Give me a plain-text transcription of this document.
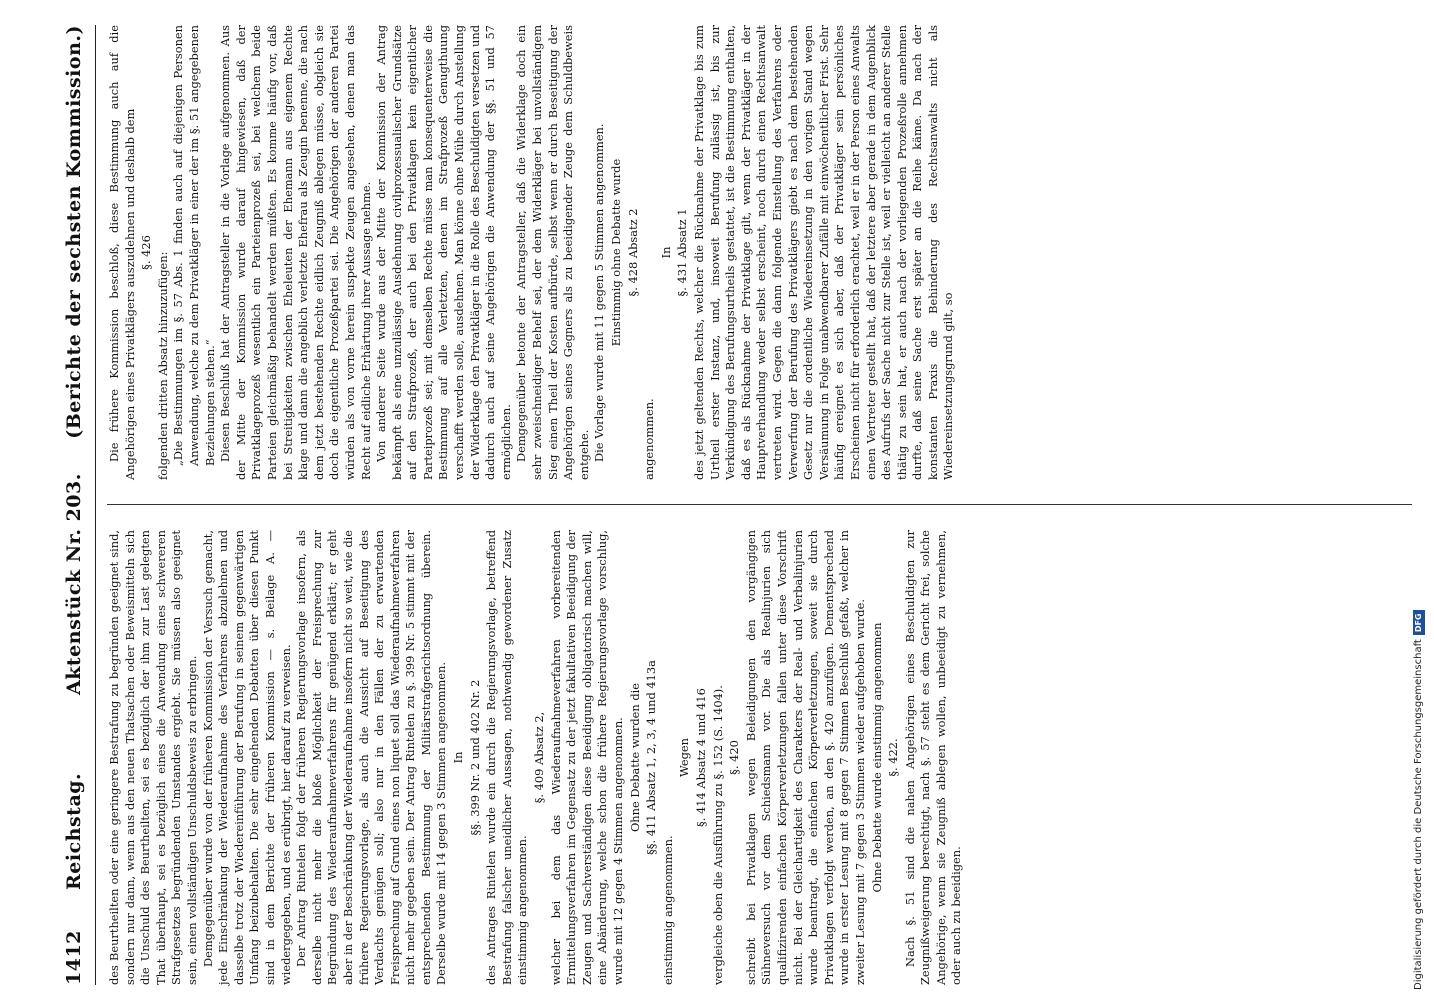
1412
Reichstag.
Aktenstück Nr. 203.
(Berichte der sechsten Kommission.)

des Beurtheilten oder eine geringere Bestrafung zu begründen geeignet sind, sondern nur dann, wenn aus den neuen Thatsachen oder Beweismitteln sich die Unschuld des Beurtheilten, sei es bezüglich der ihm zur Last gelegten That überhaupt, sei es bezüglich eines die Anwendung eines schwereren Strafgesetzes begründenden Umstandes ergiebt. Sie müssen also geeignet sein, einen vollständigen Unschuldsbeweis zu erbringen. Demgegenüber wurde von der früheren Kommission der Versuch gemacht, jede Einschränkung der Wiederaufnahme des Verfahrens abzulehnen und dasselbe trotz der Wiedereinführung der Berufung in seinem gegenwärtigen Umfang beizubehalten. Die sehr eingehenden Debatten über diesen Punkt sind in dem Berichte der früheren Kommission — s. Beilage A. — wiedergegeben, und es erübrigt, hier darauf zu verweisen. Der Antrag Rintelen folgt der früheren Regierungsvorlage insofern, als derselbe nicht mehr die bloße Möglichkeit der Freisprechung zur Begründung des Wiederaufnahmeverfahrens für genügend erklärt; er geht aber in der Beschränkung der Wiederaufnahme insofern nicht so weit, wie die frühere Regierungsvorlage, als auch die Aussicht auf Beseitigung des Verdachts genügen soll; also nur in den Fällen der zu erwartenden Freisprechung auf Grund eines non liquet soll das Wiederaufnahmeverfahren nicht mehr gegeben sein. Der Antrag Rintelen zu §. 399 Nr. 5 stimmt mit der entsprechenden Bestimmung der Militärstrafgerichtsordnung überein. Derselbe wurde mit 14 gegen 3 Stimmen angenommen. In §§. 399 Nr. 2 und 402 Nr. 2 des Antrages Rintelen wurde ein durch die Regierungsvorlage, betreffend Bestrafung falscher uneidlicher Aussagen, nothwendig gewordener Zusatz einstimmig angenommen.

§. 409 Absatz 2, welcher bei dem das Wiederaufnahmeverfahren vorbereitenden Ermittelungsverfahren im Gegensatz zu der jetzt fakultativen Beeidigung der Zeugen und Sachverständigen diese Beeidigung obligatorisch machen will, eine Abänderung, welche schon die frühere Regierungsvorlage vorschlug, wurde mit 12 gegen 4 Stimmen angenommen. Ohne Debatte wurden die §§. 411 Absatz 1, 2, 3, 4 und 413a

einstimmig angenommen.

Wegen §. 414 Absatz 4 und 416 vergleiche oben die Ausführung zu §. 152 (S. 1404). §. 420 schreibt bei Privatklagen wegen Beleidigungen den vorgängigen Sühneversuch vor dem Schiedsmann vor. Die als Realinjurien sich qualifizirenden einfachen Körperverletzungen fallen unter diese Vorschrift nicht. Bei der Gleichartigkeit des Charakters der Real- und Verbalinjurien wurde beantragt, die einfachen Körperverletzungen, soweit sie durch Privatklagen verfolgt werden, an den §. 420 anzufügen. Dementsprechend wurde in erster Lesung mit 8 gegen 7 Stimmen Beschluß gefaßt, welcher in zweiter Lesung mit 7 gegen 3 Stimmen wieder aufgehoben wurde. Ohne Debatte wurde einstimmig angenommen §. 422. Nach §. 51 sind die nahen Angehörigen eines Beschuldigten zur Zeugnißweigerung berechtigt, nach §. 57 steht es dem Gericht frei, solche Angehörige, wenn sie Zeugniß ablegen wollen, unbeeidigt zu vernehmen, oder auch zu beeidigen.

Die frühere Kommission beschloß, diese Bestimmung auch auf die Angehörigen eines Privatklägers auszudehnen und deshalb dem §. 426 folgenden dritten Absatz hinzuzufügen: „Die Bestimmungen im §. 57 Abs. 1 finden auch auf diejenigen Personen Anwendung, welche zu dem Privatkläger in einer der im §. 51 angegebenen Beziehungen stehen.“ Diesen Beschluß hat der Antragsteller in die Vorlage aufgenommen. Aus der Mitte der Kommission wurde darauf hingewiesen, daß der Privatklageprozeß wesentlich ein Parteienprozeß sei, bei welchem beide Parteien gleichmäßig behandelt werden müßten. Es komme häufig vor, daß bei Streitigkeiten zwischen Eheleuten der Ehemann aus eigenem Rechte klage und dann die angeblich verletzte Ehefrau als Zeugin benenne, die nach dem jetzt bestehenden Rechte eidlich Zeugniß ablegen müsse, obgleich sie doch die eigentliche Prozeßpartei sei. Die Angehörigen der anderen Partei würden als von vorne herein suspekte Zeugen angesehen, denen man das Recht auf eidliche Erhärtung ihrer Aussage nehme. Von anderer Seite wurde aus der Mitte der Kommission der Antrag bekämpft als eine unzulässige Ausdehnung civilprozessualischer Grundsätze auf den Strafprozeß, der auch bei den Privatklagen kein eigentlicher Parteiprozeß sei; mit demselben Rechte müsse man konsequenterweise die Bestimmung auf alle Verletzten, denen im Strafprozeß Genugthuung verschafft werden solle, ausdehnen. Man könne ohne Mühe durch Anstellung der Widerklage den Privatkläger in die Rolle des Beschuldigten versetzen und dadurch auch auf seine Angehörigen die Anwendung der §§. 51 und 57 ermöglichen. Demgegenüber betonte der Antragsteller, daß die Widerklage doch ein sehr zweischneidiger Behelf sei, der dem Widerkläger bei unvollständigem Sieg einen Theil der Kosten aufbürde, selbst wenn er durch Beseitigung der Angehörigen seines Gegners als zu beeidigender Zeuge dem Schuldbeweis entgehe. Die Vorlage wurde mit 11 gegen 5 Stimmen angenommen. Einstimmig ohne Debatte wurde §. 428 Absatz 2

angenommen.

In §. 431 Absatz 1 des jetzt geltenden Rechts, welcher die Rücknahme der Privatklage bis zum Urtheil erster Instanz, und, insoweit Berufung zulässig ist, bis zur Verkündigung des Berufungsurtheils gestattet, ist die Bestimmung enthalten, daß es als Rücknahme der Privatklage gilt, wenn der Privatkläger in der Hauptverhandlung weder selbst erscheint, noch durch einen Rechtsanwalt vertreten wird. Gegen die dann folgende Einstellung des Verfahrens oder Verwerfung der Berufung des Privatklägers giebt es nach dem bestehenden Gesetz nur die ordentliche Wiedereinsetzung in den vorigen Stand wegen Versäumung in Folge unabwendbarer Zufälle mit einwöchentlicher Frist. Sehr häufig ereignet es sich aber, daß der Privatkläger sein persönliches Erscheinen nicht für erforderlich erachtet, weil er in der Person eines Anwalts einen Vertreter gestellt hat, daß der letztere aber gerade in dem Augenblick des Aufrufs der Sache nicht zur Stelle ist, weil er vielleicht an anderer Stelle thätig zu sein hat, er auch nach der vorliegenden Prozeßrolle annehmen durfte, daß seine Sache erst später an die Reihe käme. Da nach der konstanten Praxis die Behinderung des Rechtsanwalts nicht als Wiedereinsetzungsgrund gilt, so

Digitalisierung gefördert durch die Deutsche Forschungsgemeinschaft
DFG
